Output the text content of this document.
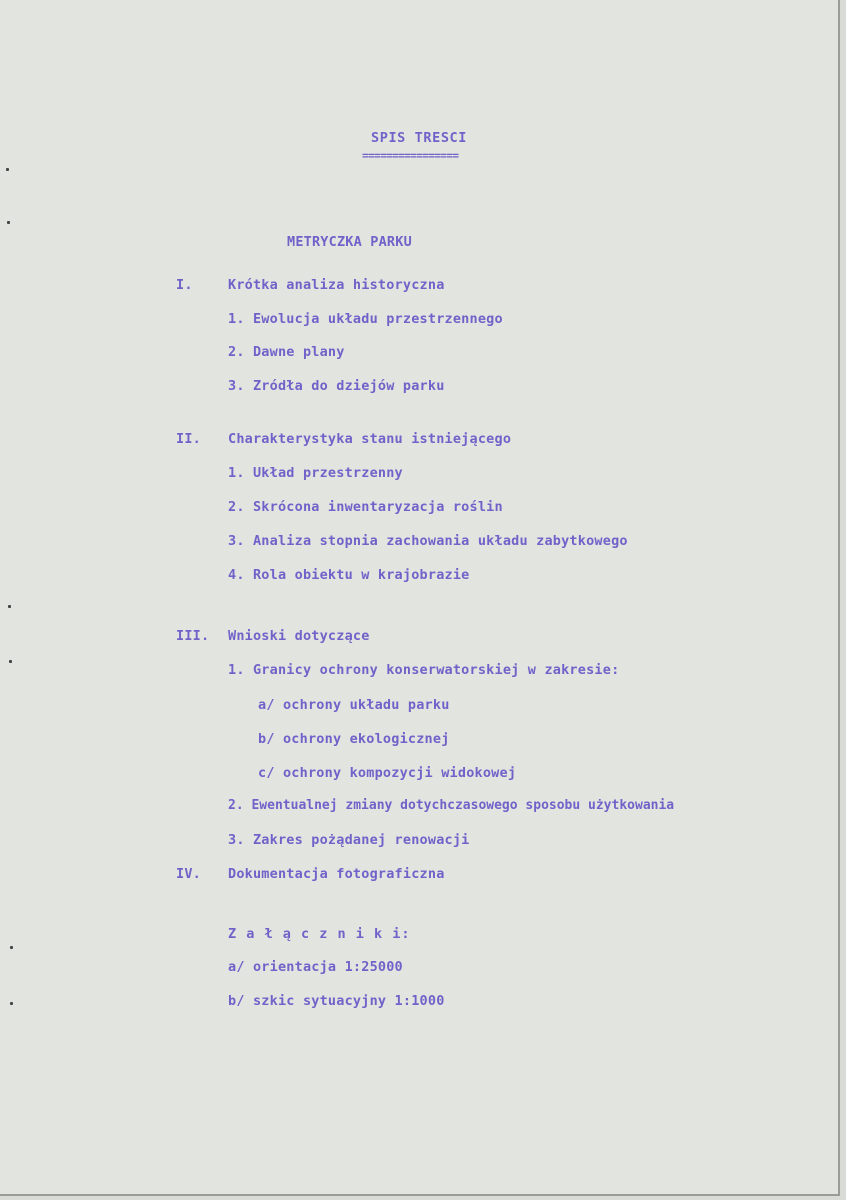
SPIS TRESCI
================
METRYCZKA PARKU
I.	Krótka analiza historyczna
1. Ewolucja układu przestrzennego
2. Dawne plany
3. Zródła do dziejów parku
II. Charakterystyka stanu istniejącego
1. Układ przestrzenny
2. Skrócona inwentaryzacja roślin
3. Analiza stopnia zachowania układu zabytkowego
4. Rola obiektu w krajobrazie
III. Wnioski dotyczące
1. Granicy ochrony konserwatorskiej w zakresie:
a/ ochrony układu parku
b/ ochrony ekologicznej
c/ ochrony kompozycji widokowej
2. Ewentualnej zmiany dotychczasowego sposobu użytkowania
3. Zakres pożądanej renowacji
IV. Dokumentacja fotograficzna
Z a ł ą c z n i k i:
a/ orientacja 1:25000
b/ szkic sytuacyjny 1:1000
